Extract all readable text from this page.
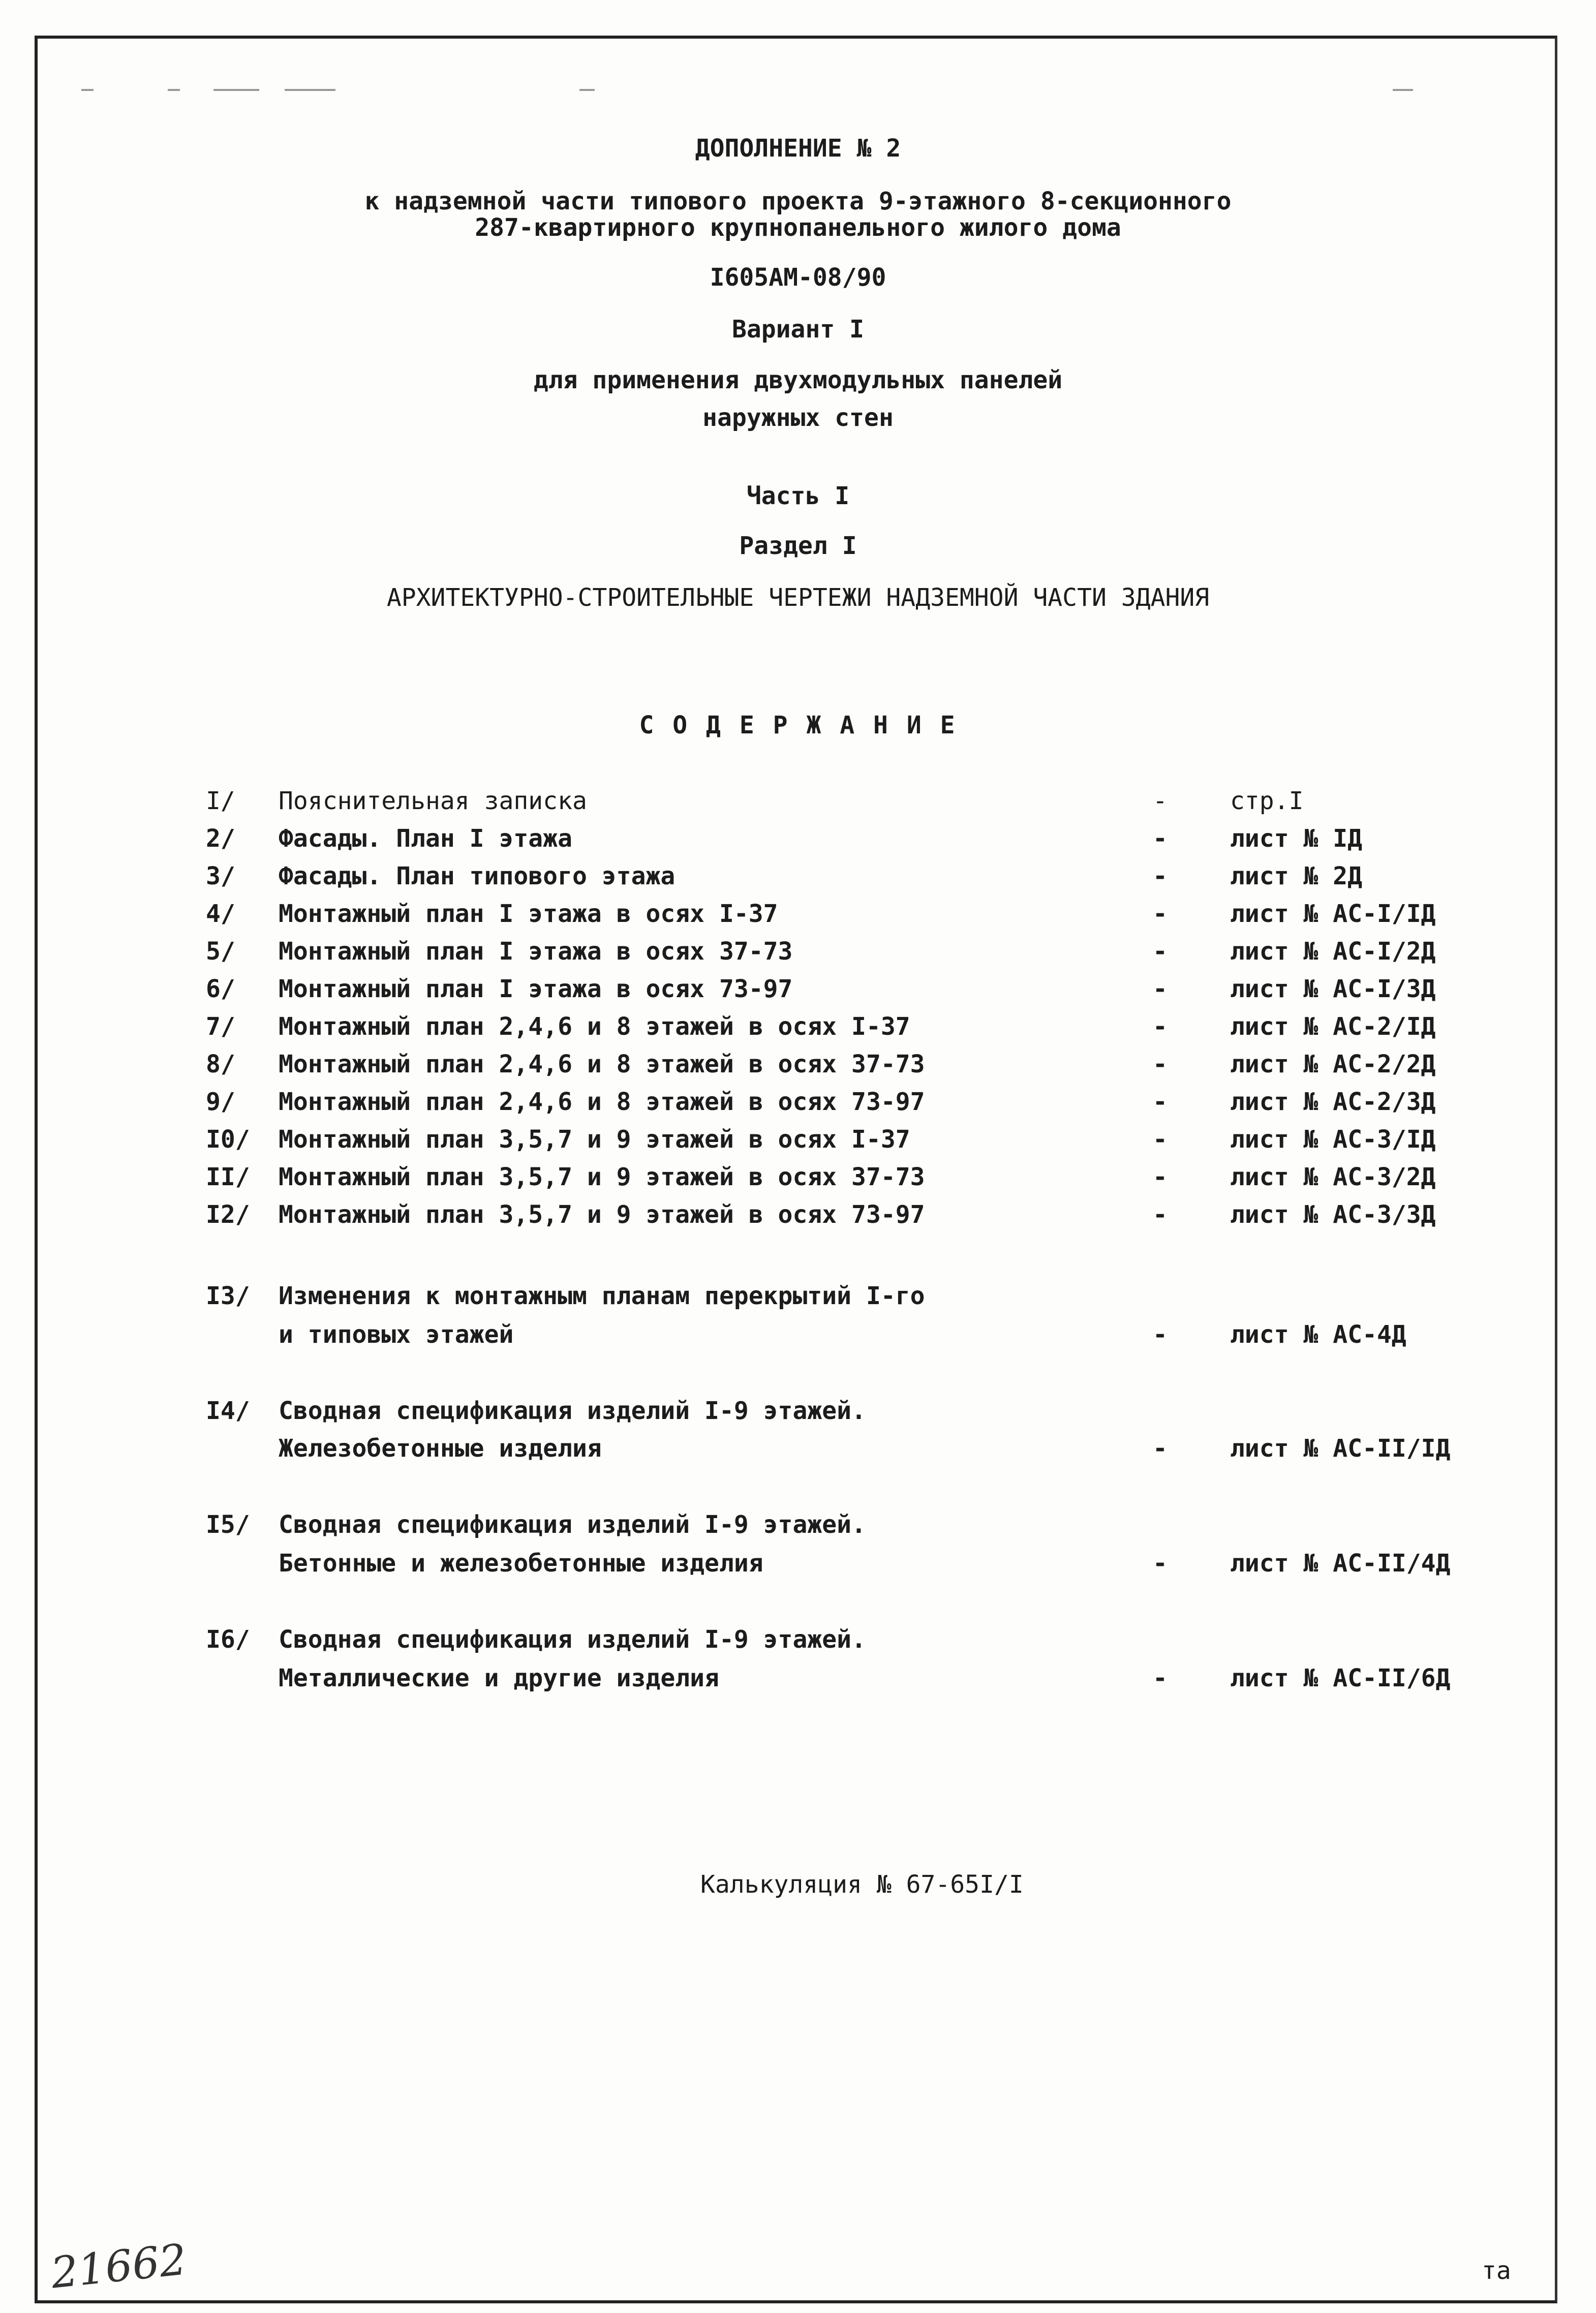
ДОПОЛНЕНИЕ № 2
к надземной части типового проекта 9-этажного 8-секционного
287-квартирного крупнопанельного жилого дома
I605АМ-08/90
Вариант I
для применения двухмодульных панелей
наружных стен
Часть I
Раздел I
АРХИТЕКТУРНО-СТРОИТЕЛЬНЫЕ ЧЕРТЕЖИ НАДЗЕМНОЙ ЧАСТИ ЗДАНИЯ
С О Д Е Р Ж А Н И Е
I/	Пояснительная записка	-	стр.I
2/	Фасады. План I этажа	-	лист № IД
3/	Фасады. План типового этажа	-	лист № 2Д
4/	Монтажный план I этажа в осях I-37	-	лист № АС-I/IД
5/	Монтажный план I этажа в осях 37-73	-	лист № АС-I/2Д
6/	Монтажный план I этажа в осях 73-97	-	лист № АС-I/3Д
7/	Монтажный план 2,4,6 и 8 этажей в осях I-37	-	лист № АС-2/IД
8/	Монтажный план 2,4,6 и 8 этажей в осях 37-73	-	лист № АС-2/2Д
9/	Монтажный план 2,4,6 и 8 этажей в осях 73-97	-	лист № АС-2/3Д
I0/	Монтажный план 3,5,7 и 9 этажей в осях I-37	-	лист № АС-3/IД
II/	Монтажный план 3,5,7 и 9 этажей в осях 37-73	-	лист № АС-3/2Д
I2/	Монтажный план 3,5,7 и 9 этажей в осях 73-97	-	лист № АС-3/3Д
I3/	Изменения к монтажным планам перекрытий I-го
и типовых этажей	-	лист № АС-4Д
I4/	Сводная спецификация изделий I-9 этажей.
Железобетонные изделия	-	лист № АС-II/IД
I5/	Сводная спецификация изделий I-9 этажей.
Бетонные и железобетонные изделия	-	лист № АС-II/4Д
I6/	Сводная спецификация изделий I-9 этажей.
Металлические и другие изделия	-	лист № АС-II/6Д
Калькуляция № 67-65I/I
21662	та
